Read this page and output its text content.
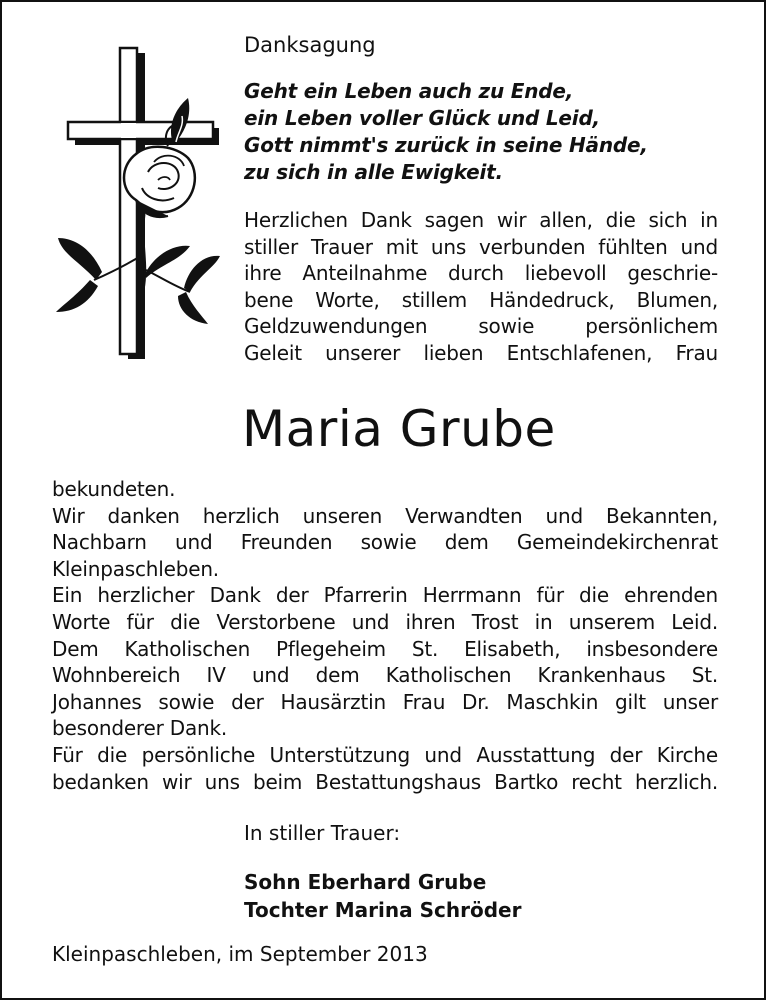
Danksagung
Geht ein Leben auch zu Ende,
ein Leben voller Glück und Leid,
Gott nimmt's zurück in seine Hände,
zu sich in alle Ewigkeit.
Herzlichen Dank sagen wir allen, die sich in
stiller Trauer mit uns verbunden fühlten und
ihre Anteilnahme durch liebevoll geschrie-
bene Worte, stillem Händedruck, Blumen,
Geldzuwendungen sowie persönlichem
Geleit unserer lieben Entschlafenen, Frau
Maria Grube
bekundeten.
Wir danken herzlich unseren Verwandten und Bekannten,
Nachbarn und Freunden sowie dem Gemeindekirchenrat
Kleinpaschleben.
Ein herzlicher Dank der Pfarrerin Herrmann für die ehrenden
Worte für die Verstorbene und ihren Trost in unserem Leid.
Dem Katholischen Pflegeheim St. Elisabeth, insbesondere
Wohnbereich IV und dem Katholischen Krankenhaus St.
Johannes sowie der Hausärztin Frau Dr. Maschkin gilt unser
besonderer Dank.
Für die persönliche Unterstützung und Ausstattung der Kirche
bedanken wir uns beim Bestattungshaus Bartko recht herzlich.
In stiller Trauer:
Sohn Eberhard Grube
Tochter Marina Schröder
Kleinpaschleben, im September 2013
